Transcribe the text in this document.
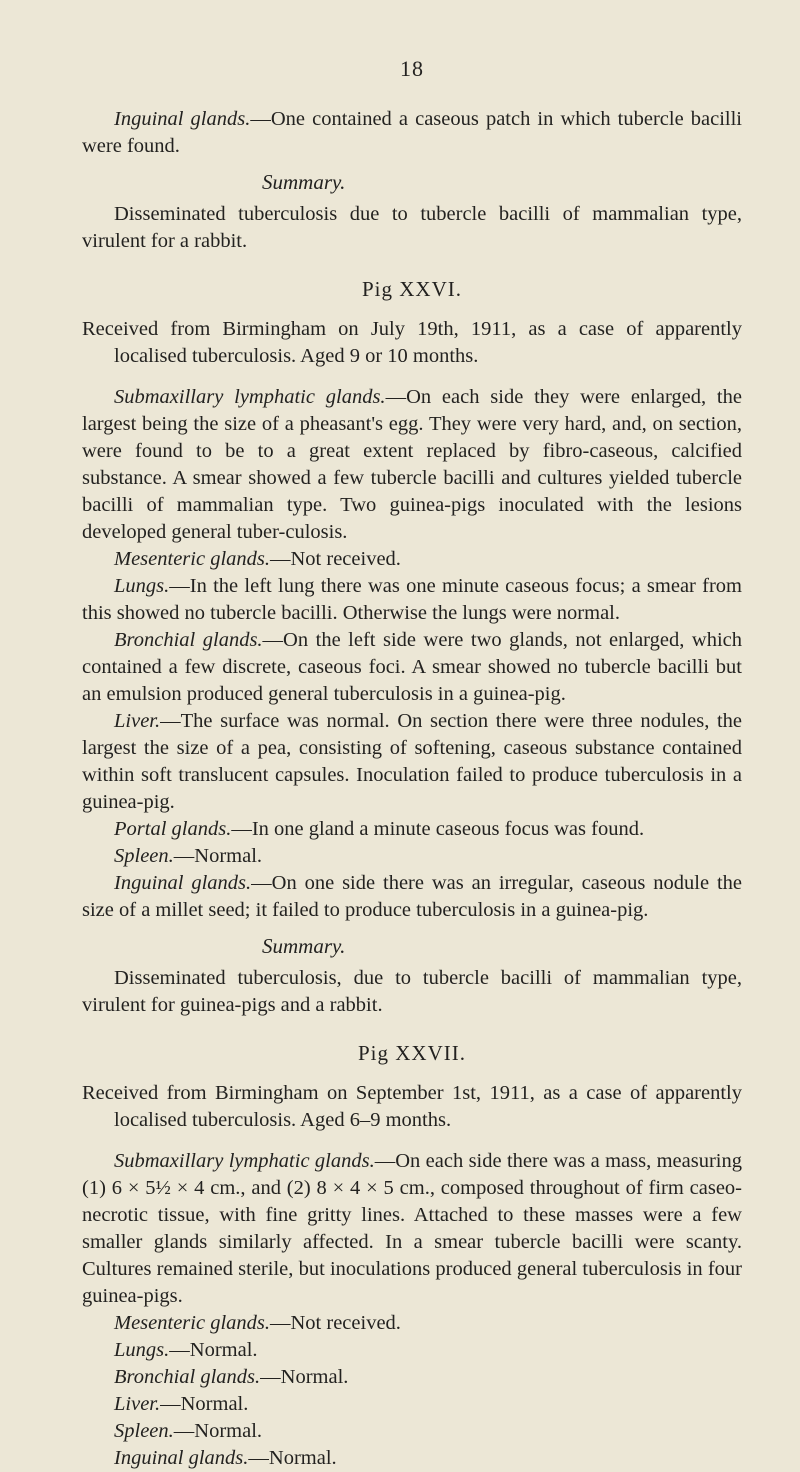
18

Inguinal glands.—One contained a caseous patch in which tubercle bacilli were found.

Summary.

Disseminated tuberculosis due to tubercle bacilli of mammalian type, virulent for a rabbit.

Pig XXVI.

Received from Birmingham on July 19th, 1911, as a case of apparently localised tuberculosis. Aged 9 or 10 months.

Submaxillary lymphatic glands.—On each side they were enlarged, the largest being the size of a pheasant's egg. They were very hard, and, on section, were found to be to a great extent replaced by fibro-caseous, calcified substance. A smear showed a few tubercle bacilli and cultures yielded tubercle bacilli of mammalian type. Two guinea-pigs inoculated with the lesions developed general tuber-culosis.

Mesenteric glands.—Not received.

Lungs.—In the left lung there was one minute caseous focus; a smear from this showed no tubercle bacilli. Otherwise the lungs were normal.

Bronchial glands.—On the left side were two glands, not enlarged, which contained a few discrete, caseous foci. A smear showed no tubercle bacilli but an emulsion produced general tuberculosis in a guinea-pig.

Liver.—The surface was normal. On section there were three nodules, the largest the size of a pea, consisting of softening, caseous substance contained within soft translucent capsules. Inoculation failed to produce tuberculosis in a guinea-pig.

Portal glands.—In one gland a minute caseous focus was found.

Spleen.—Normal.

Inguinal glands.—On one side there was an irregular, caseous nodule the size of a millet seed; it failed to produce tuberculosis in a guinea-pig.

Summary.

Disseminated tuberculosis, due to tubercle bacilli of mammalian type, virulent for guinea-pigs and a rabbit.

Pig XXVII.

Received from Birmingham on September 1st, 1911, as a case of apparently localised tuberculosis. Aged 6–9 months.

Submaxillary lymphatic glands.—On each side there was a mass, measuring (1) 6 × 5½ × 4 cm., and (2) 8 × 4 × 5 cm., composed throughout of firm caseo-necrotic tissue, with fine gritty lines. Attached to these masses were a few smaller glands similarly affected. In a smear tubercle bacilli were scanty. Cultures remained sterile, but inoculations produced general tuberculosis in four guinea-pigs.

Mesenteric glands.—Not received.

Lungs.—Normal.

Bronchial glands.—Normal.

Liver.—Normal.

Spleen.—Normal.

Inguinal glands.—Normal.
